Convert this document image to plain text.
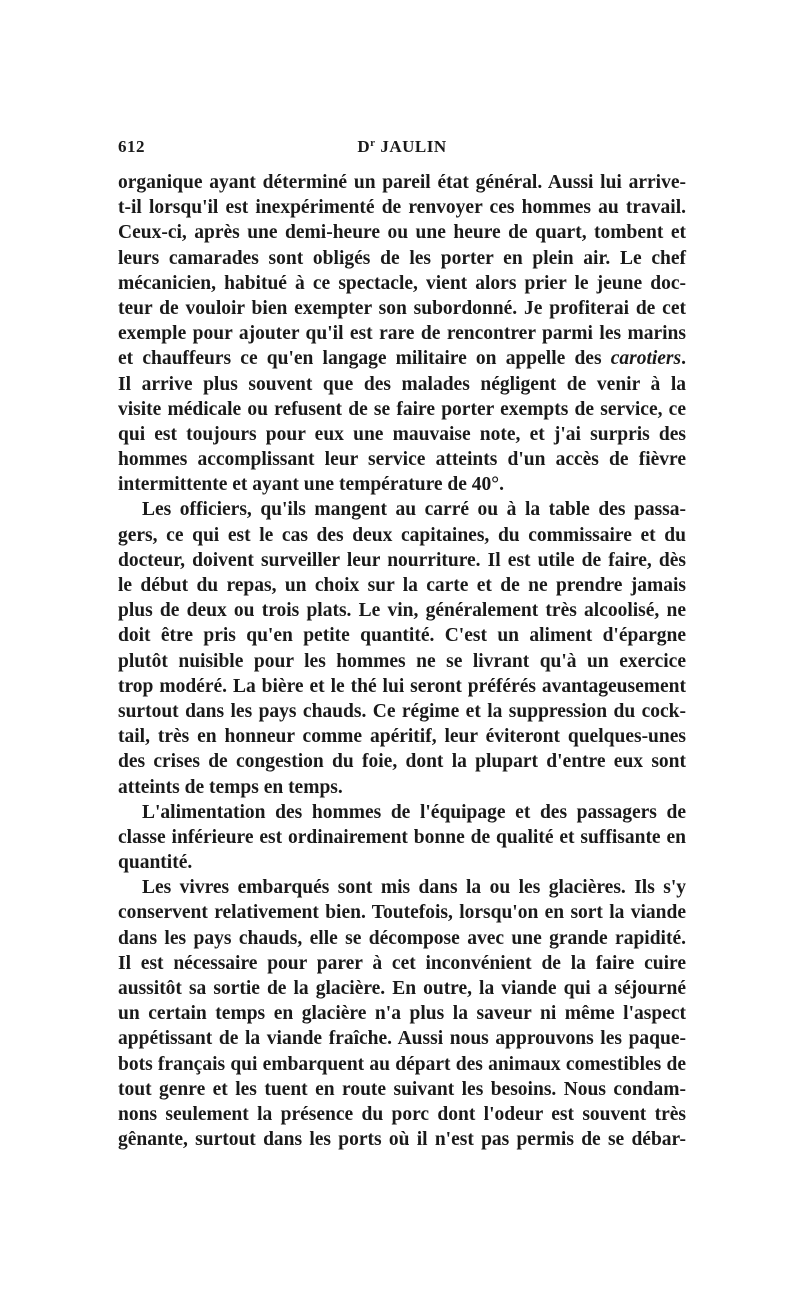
612	$D^r$ JAULIN
organique ayant déterminé un pareil état général. Aussi lui arrive-
t-il lorsqu'il est inexpérimenté de renvoyer ces hommes au travail.
Ceux-ci, après une demi-heure ou une heure de quart, tombent et
leurs camarades sont obligés de les porter en plein air. Le chef
mécanicien, habitué à ce spectacle, vient alors prier le jeune doc-
teur de vouloir bien exempter son subordonné. Je profiterai de cet
exemple pour ajouter qu'il est rare de rencontrer parmi les marins
et chauffeurs ce qu'en langage militaire on appelle des carotiers.
Il arrive plus souvent que des malades négligent de venir à la
visite médicale ou refusent de se faire porter exempts de service, ce
qui est toujours pour eux une mauvaise note, et j'ai surpris des
hommes accomplissant leur service atteints d'un accès de fièvre
intermittente et ayant une température de 40°.
Les officiers, qu'ils mangent au carré ou à la table des passa-
gers, ce qui est le cas des deux capitaines, du commissaire et du
docteur, doivent surveiller leur nourriture. Il est utile de faire, dès
le début du repas, un choix sur la carte et de ne prendre jamais
plus de deux ou trois plats. Le vin, généralement très alcoolisé, ne
doit être pris qu'en petite quantité. C'est un aliment d'épargne
plutôt nuisible pour les hommes ne se livrant qu'à un exercice
trop modéré. La bière et le thé lui seront préférés avantageusement
surtout dans les pays chauds. Ce régime et la suppression du cock-
tail, très en honneur comme apéritif, leur éviteront quelques-unes
des crises de congestion du foie, dont la plupart d'entre eux sont
atteints de temps en temps.
L'alimentation des hommes de l'équipage et des passagers de
classe inférieure est ordinairement bonne de qualité et suffisante en
quantité.
Les vivres embarqués sont mis dans la ou les glacières. Ils s'y
conservent relativement bien. Toutefois, lorsqu'on en sort la viande
dans les pays chauds, elle se décompose avec une grande rapidité.
Il est nécessaire pour parer à cet inconvénient de la faire cuire
aussitôt sa sortie de la glacière. En outre, la viande qui a séjourné
un certain temps en glacière n'a plus la saveur ni même l'aspect
appétissant de la viande fraîche. Aussi nous approuvons les paque-
bots français qui embarquent au départ des animaux comestibles de
tout genre et les tuent en route suivant les besoins. Nous condam-
nons seulement la présence du porc dont l'odeur est souvent très
gênante, surtout dans les ports où il n'est pas permis de se débar-
